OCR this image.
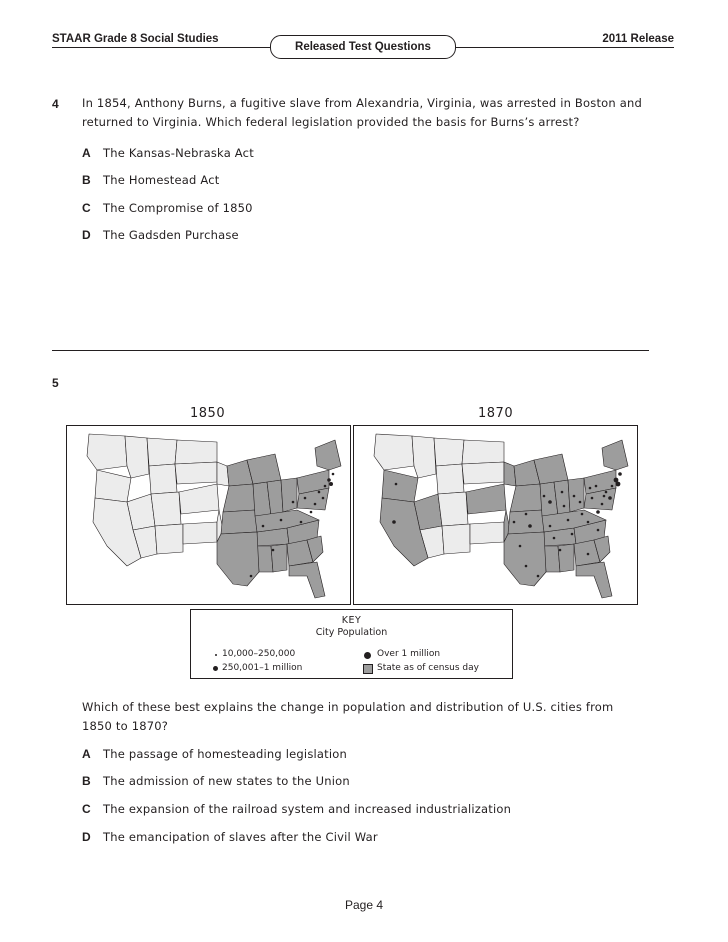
STAAR Grade 8 Social Studies	2011 Release
Released Test Questions
4 In 1854, Anthony Burns, a fugitive slave from Alexandria, Virginia, was arrested in Boston and returned to Virginia. Which federal legislation provided the basis for Burns’s arrest?
A The Kansas-Nebraska Act
B The Homestead Act
C The Compromise of 1850
D The Gadsden Purchase
5
1850	1870
KEY
City Population
10,000–250,000
250,001–1 million
Over 1 million
State as of census day
Which of these best explains the change in population and distribution of U.S. cities from 1850 to 1870?
A The passage of homesteading legislation
B The admission of new states to the Union
C The expansion of the railroad system and increased industrialization
D The emancipation of slaves after the Civil War
Page 4
